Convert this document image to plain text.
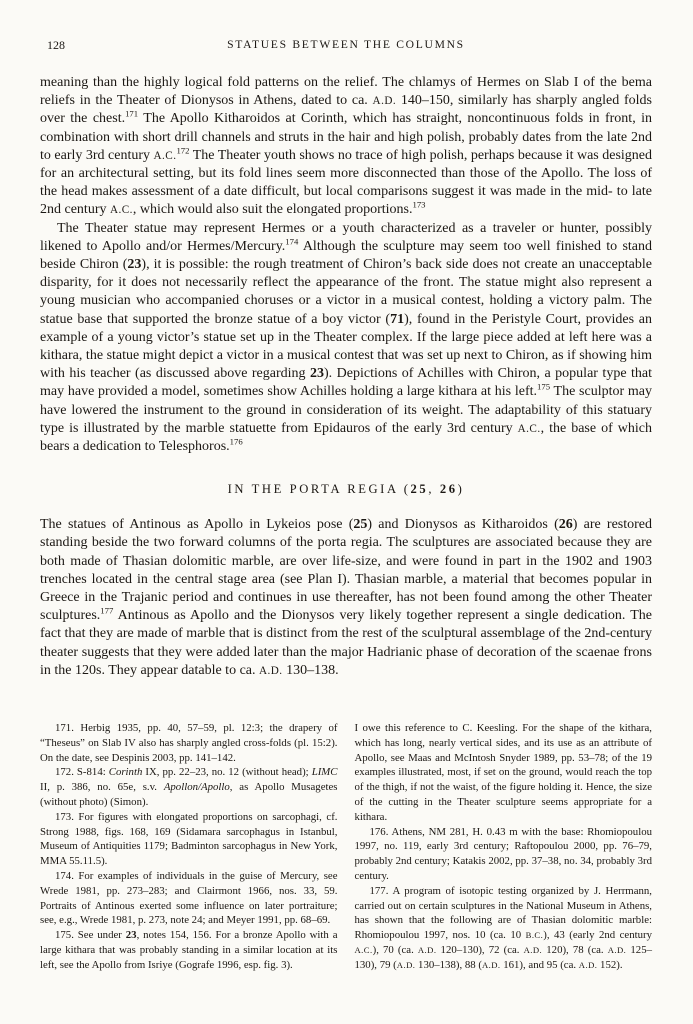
128	STATUES BETWEEN THE COLUMNS

meaning than the highly logical fold patterns on the relief. The chlamys of Hermes on Slab I of the bema reliefs in the Theater of Dionysos in Athens, dated to ca. A.D. 140–150, similarly has sharply angled folds over the chest.$^{171}$ The Apollo Kitharoidos at Corinth, which has straight, noncontinuous folds in front, in combination with short drill channels and struts in the hair and high polish, probably dates from the late 2nd to early 3rd century A.C.$^{172}$ The Theater youth shows no trace of high polish, perhaps because it was designed for an architectural setting, but its fold lines seem more disconnected than those of the Apollo. The loss of the head makes assessment of a date difficult, but local comparisons suggest it was made in the mid- to late 2nd century A.C., which would also suit the elongated proportions.$^{173}$

The Theater statue may represent Hermes or a youth characterized as a traveler or hunter, possibly likened to Apollo and/or Hermes/Mercury.$^{174}$ Although the sculpture may seem too well finished to stand beside Chiron (23), it is possible: the rough treatment of Chiron’s back side does not create an unacceptable disparity, for it does not necessarily reflect the appearance of the front. The statue might also represent a young musician who accompanied choruses or a victor in a musical contest, holding a victory palm. The statue base that supported the bronze statue of a boy victor (71), found in the Peristyle Court, provides an example of a young victor’s statue set up in the Theater complex. If the large piece added at left here was a kithara, the statue might depict a victor in a musical contest that was set up next to Chiron, as if showing him with his teacher (as discussed above regarding 23). Depictions of Achilles with Chiron, a popular type that may have provided a model, sometimes show Achilles holding a large kithara at his left.$^{175}$ The sculptor may have lowered the instrument to the ground in consideration of its weight. The adaptability of this statuary type is illustrated by the marble statuette from Epidauros of the early 3rd century A.C., the base of which bears a dedication to Telesphoros.$^{176}$

IN THE PORTA REGIA (25, 26)

The statues of Antinous as Apollo in Lykeios pose (25) and Dionysos as Kitharoidos (26) are restored standing beside the two forward columns of the porta regia. The sculptures are associated because they are both made of Thasian dolomitic marble, are over life-size, and were found in part in the 1902 and 1903 trenches located in the central stage area (see Plan I). Thasian marble, a material that becomes popular in Greece in the Trajanic period and continues in use thereafter, has not been found among the other Theater sculptures.$^{177}$ Antinous as Apollo and the Dionysos very likely together represent a single dedication. The fact that they are made of marble that is distinct from the rest of the sculptural assemblage of the 2nd-century theater suggests that they were added later than the major Hadrianic phase of decoration of the scaenae frons in the 120s. They appear datable to ca. A.D. 130–138.

171. Herbig 1935, pp. 40, 57–59, pl. 12:3; the drapery of “Theseus” on Slab IV also has sharply angled cross-folds (pl. 15:2). On the date, see Despinis 2003, pp. 141–142.

172. S-814: Corinth IX, pp. 22–23, no. 12 (without head); LIMC II, p. 386, no. 65e, s.v. Apollon/Apollo, as Apollo Musagetes (without photo) (Simon).

173. For figures with elongated proportions on sarcophagi, cf. Strong 1988, figs. 168, 169 (Sidamara sarcophagus in Istanbul, Museum of Antiquities 1179; Badminton sarcophagus in New York, MMA 55.11.5).

174. For examples of individuals in the guise of Mercury, see Wrede 1981, pp. 273–283; and Clairmont 1966, nos. 33, 59. Portraits of Antinous exerted some influence on later portraiture; see, e.g., Wrede 1981, p. 273, note 24; and Meyer 1991, pp. 68–69.

175. See under 23, notes 154, 156. For a bronze Apollo with a large kithara that was probably standing in a similar location at its left, see the Apollo from Isriye (Gografe 1996, esp. fig. 3).

I owe this reference to C. Keesling. For the shape of the kithara, which has long, nearly vertical sides, and its use as an attribute of Apollo, see Maas and McIntosh Snyder 1989, pp. 53–78; of the 19 examples illustrated, most, if set on the ground, would reach the top of the thigh, if not the waist, of the figure holding it. Hence, the size of the cutting in the Theater sculpture seems appropriate for a kithara.

176. Athens, NM 281, H. 0.43 m with the base: Rhomiopoulou 1997, no. 119, early 3rd century; Raftopoulou 2000, pp. 76–79, probably 2nd century; Katakis 2002, pp. 37–38, no. 34, probably 3rd century.

177. A program of isotopic testing organized by J. Herrmann, carried out on certain sculptures in the National Museum in Athens, has shown that the following are of Thasian dolomitic marble: Rhomiopoulou 1997, nos. 10 (ca. 10 B.C.), 43 (early 2nd century A.C.), 70 (ca. A.D. 120–130), 72 (ca. A.D. 120), 78 (ca. A.D. 125–130), 79 (A.D. 130–138), 88 (A.D. 161), and 95 (ca. A.D. 152).
